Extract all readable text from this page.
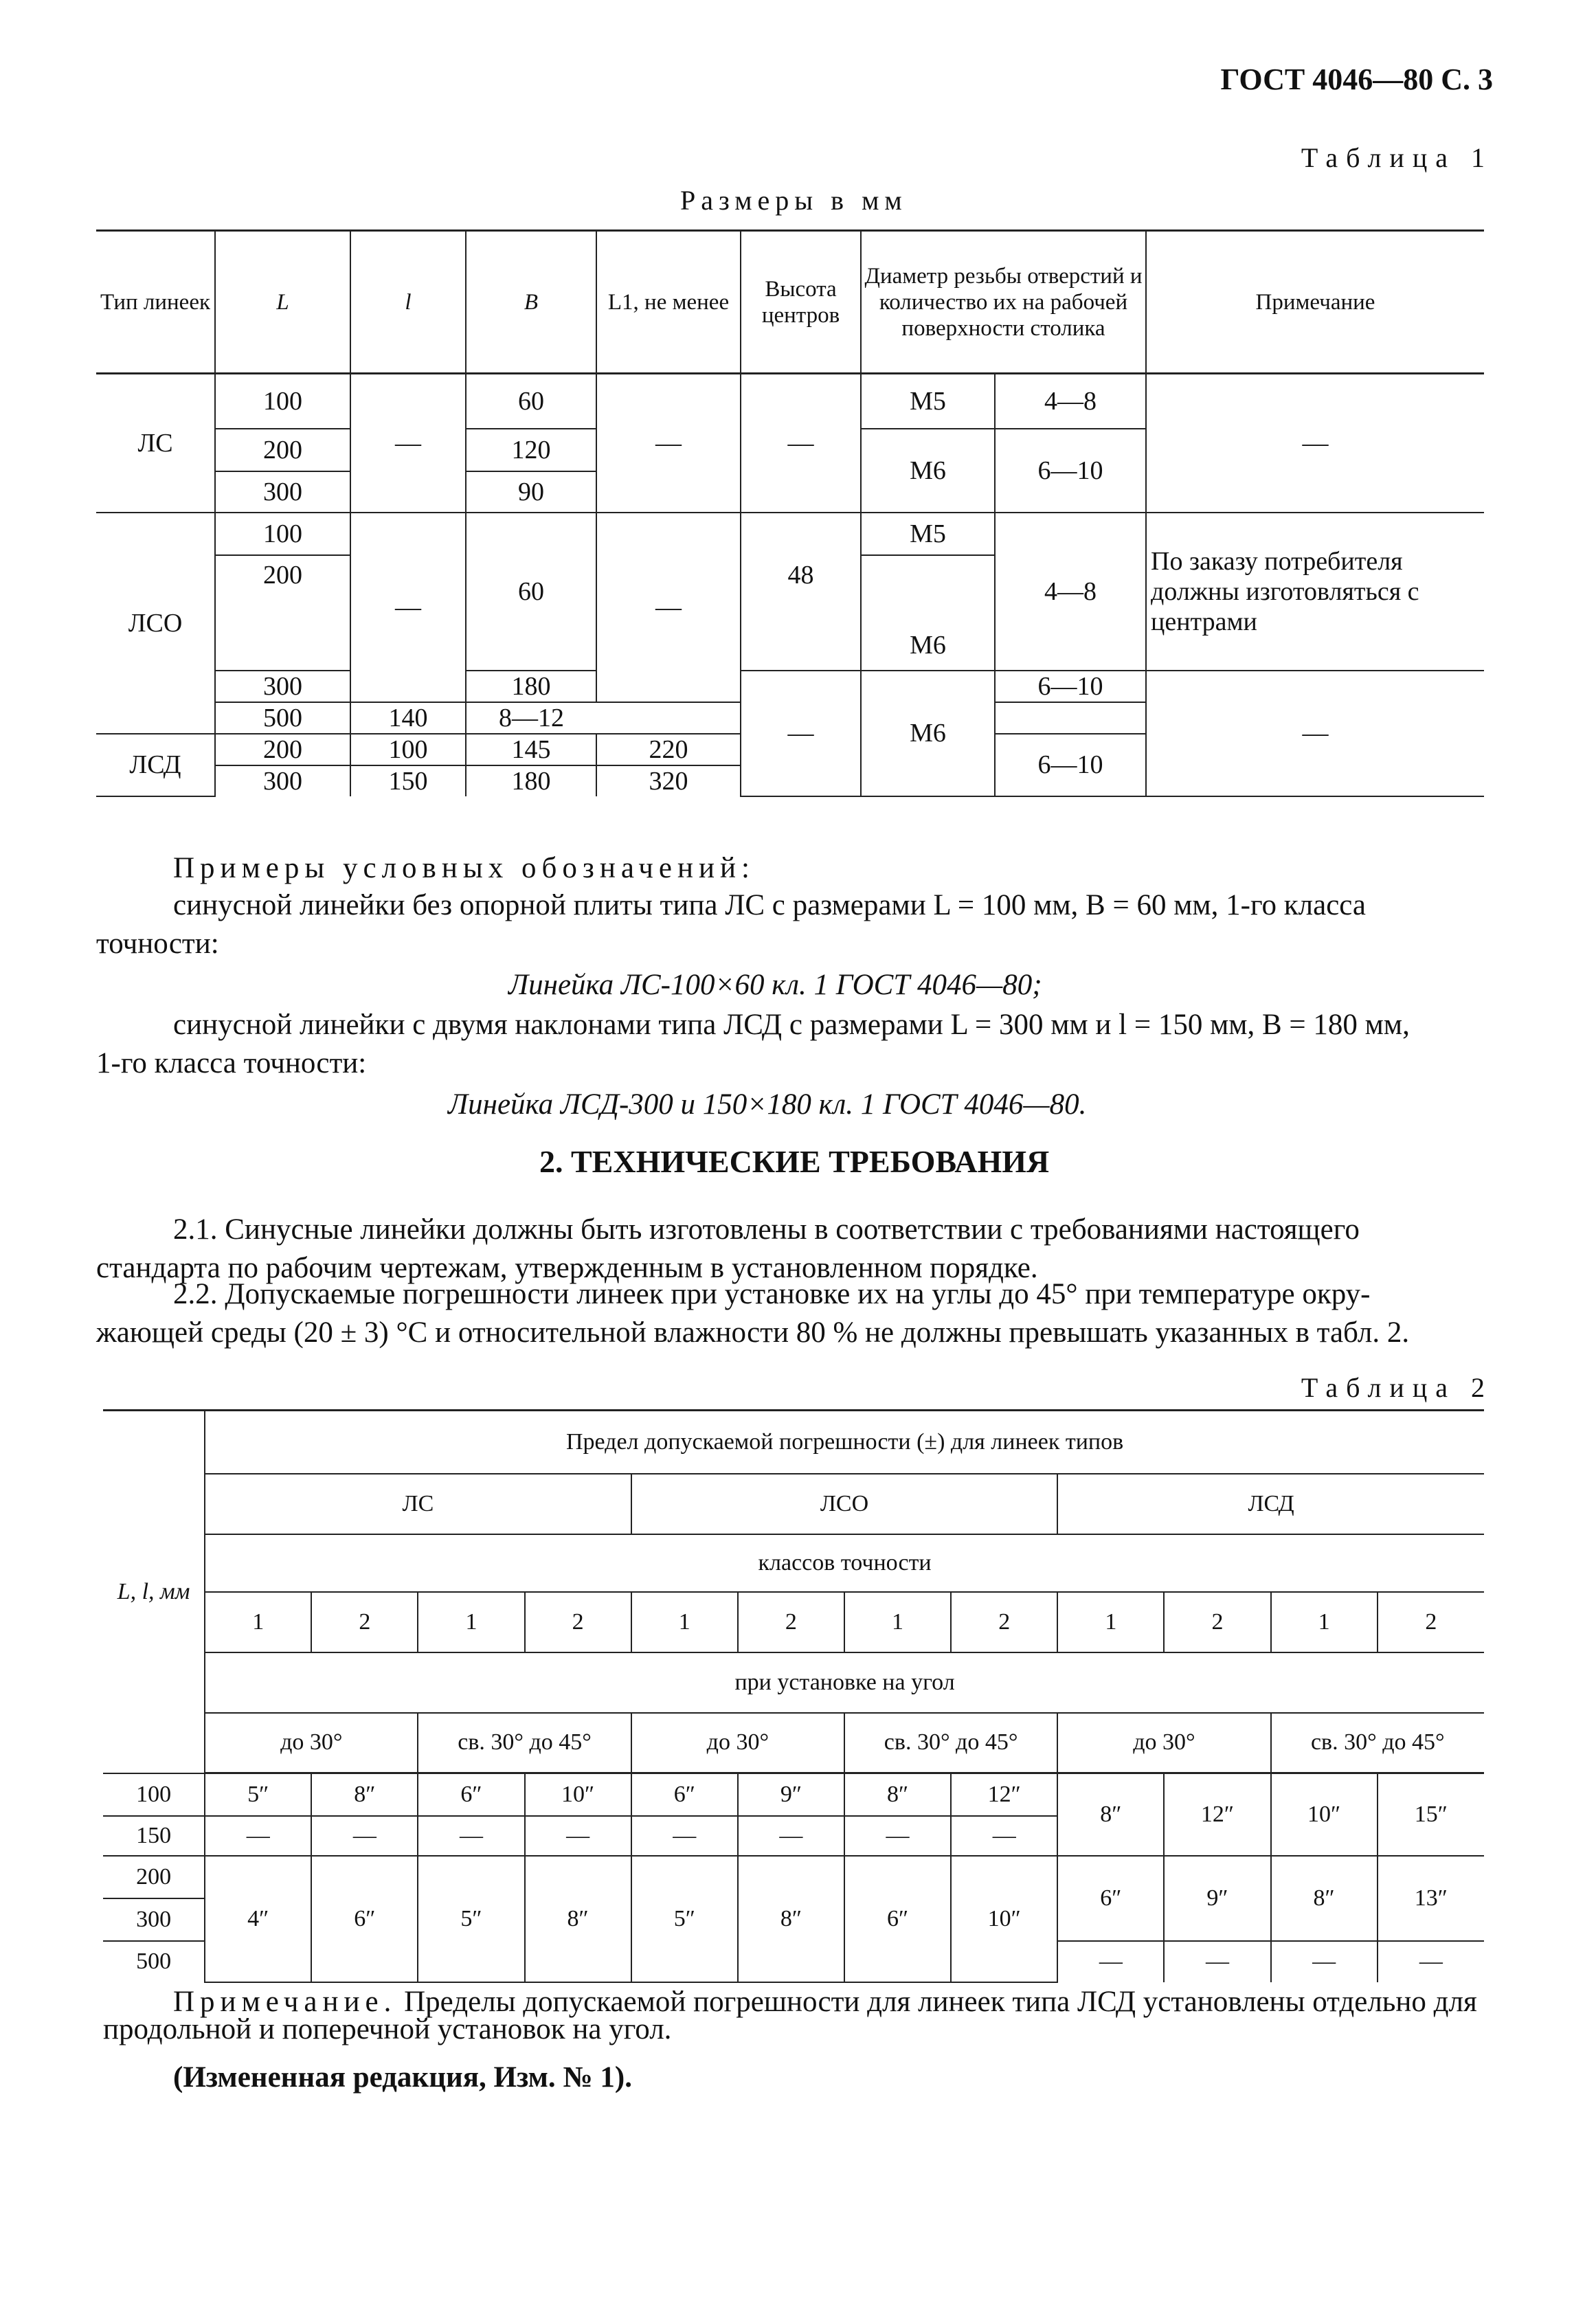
ГОСТ 4046—80 С. 3
Таблица 1
Размеры в мм
Тип линеек	L	l	B	L1, не менее	Высота центров	Диаметр резьбы отверстий и количество их на рабочей поверхности столика		Примечание
ЛС	100	—	60	—	—	M5	4—8	—
	200		120			M6	6—10	
	300		90					
ЛСО	100	—	60	—	48	M5	4—8	По заказу потребителя должны изготовляться с центрами
	200					M6		
	300		180		—	M6	6—10	—
	500	140	8—12					
ЛСД	200	100	145	220			6—10	
	300	150	180	320				
Примеры условных обозначений:
синусной линейки без опорной плиты типа ЛС с размерами L = 100 мм, B = 60 мм, 1-го класса
точности:
Линейка ЛС-100×60 кл. 1 ГОСТ 4046—80;
синусной линейки с двумя наклонами типа ЛСД с размерами L = 300 мм и l = 150 мм, B = 180 мм,
1-го класса точности:
Линейка ЛСД-300 и 150×180 кл. 1 ГОСТ 4046—80.
2. ТЕХНИЧЕСКИЕ ТРЕБОВАНИЯ
2.1. Синусные линейки должны быть изготовлены в соответствии с требованиями настоящего
стандарта по рабочим чертежам, утвержденным в установленном порядке.
2.2. Допускаемые погрешности линеек при установке их на углы до 45° при температуре окру-
жающей среды (20 ± 3) °С и относительной влажности 80 % не должны превышать указанных в табл. 2.
Таблица 2
L, l, мм	Предел допускаемой погрешности (±) для линеек типов											
	ЛС				ЛСО				ЛСД			
	классов точности											
	1	2	1	2	1	2	1	2	1	2	1	2
	при установке на угол											
	до 30°		св. 30° до 45°		до 30°		св. 30° до 45°		до 30°		св. 30° до 45°	
100	5″	8″	6″	10″	6″	9″	8″	12″	8″	12″	10″	15″
150	—	—	—	—	—	—	—	—				
200	4″	6″	5″	8″	5″	8″	6″	10″	6″	9″	8″	13″
300												
500									—	—	—	—
Примечание. Пределы допускаемой погрешности для линеек типа ЛСД установлены отдельно для
продольной и поперечной установок на угол.
(Измененная редакция, Изм. № 1).
